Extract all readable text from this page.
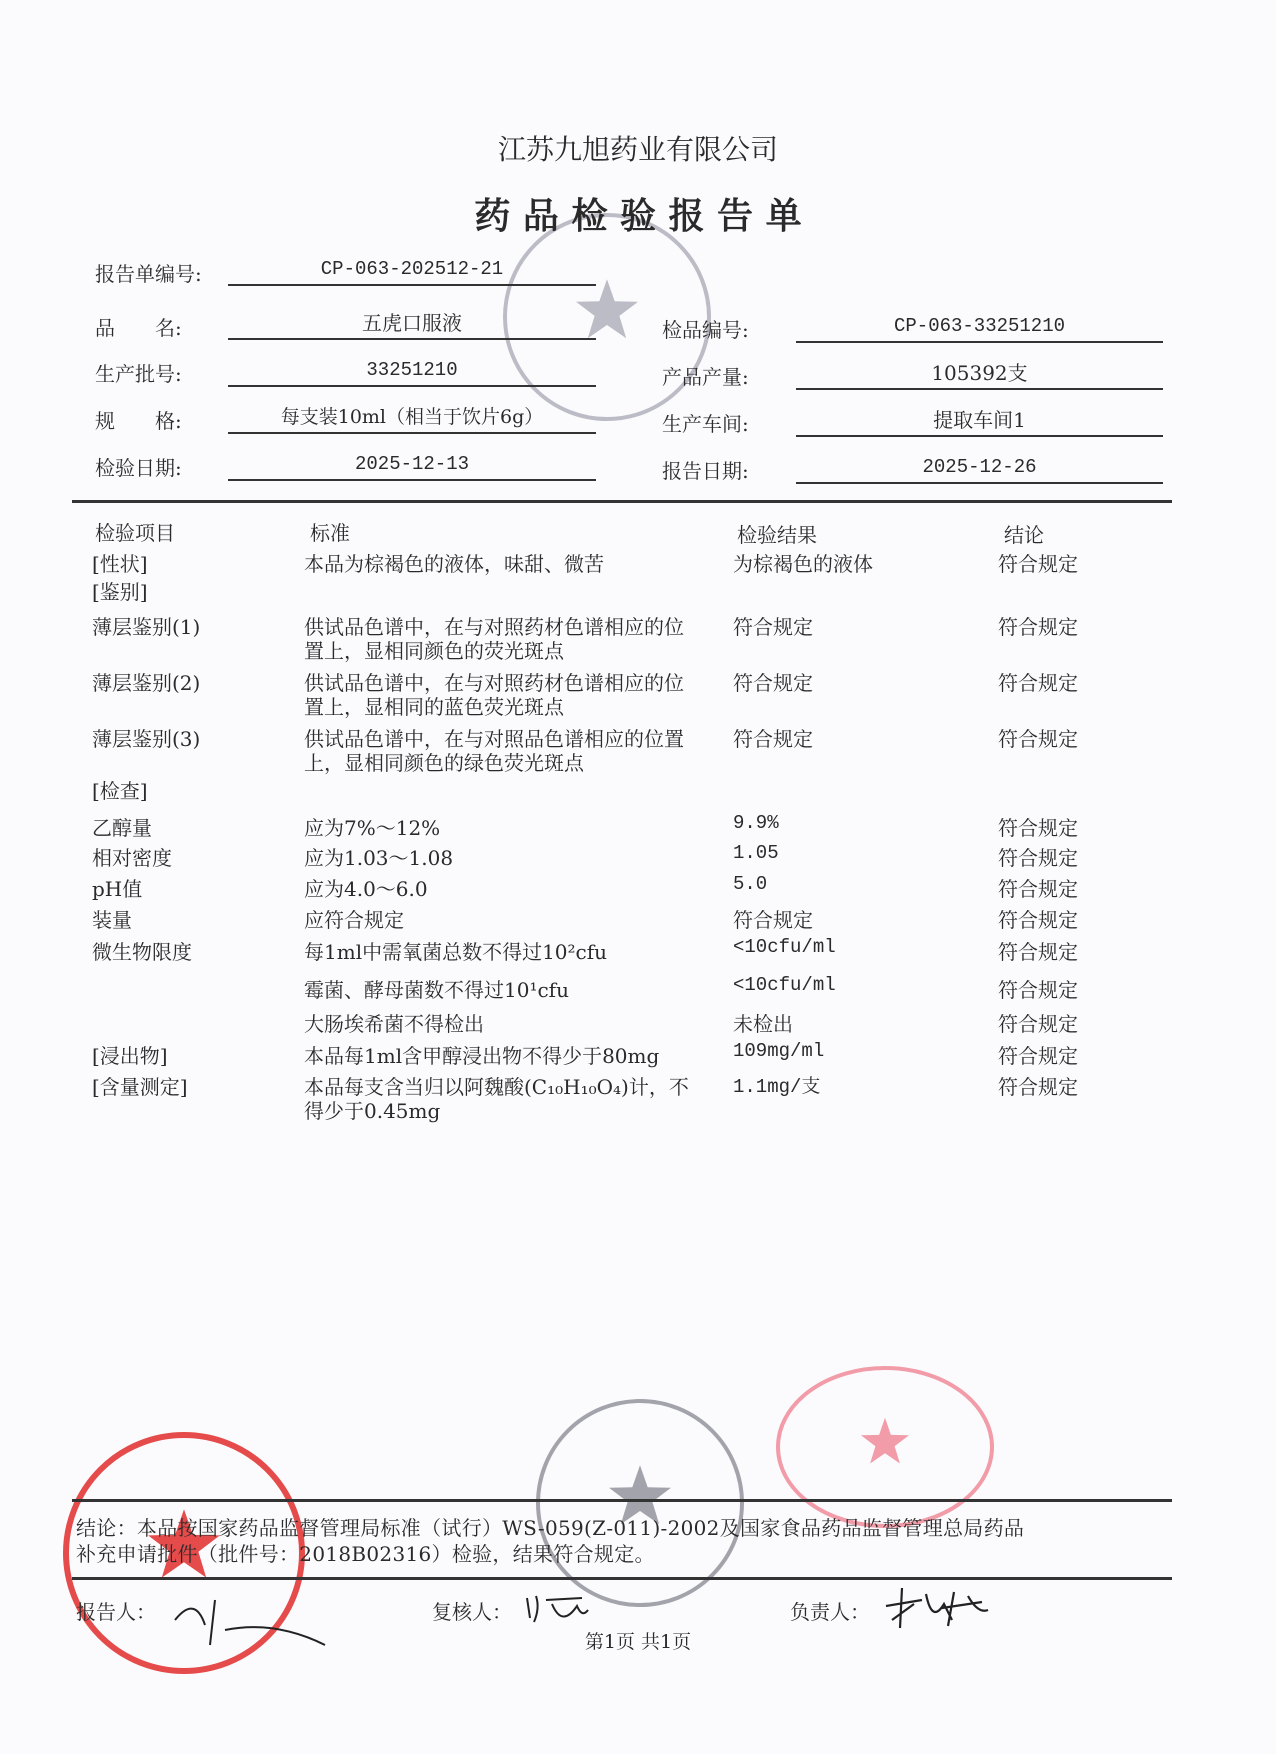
江苏九旭药业有限公司
药 品 检 验 报 告 单
报告单编号:	CP-063-202512-21
品　　名:	五虎口服液	检品编号:	CP-063-33251210
生产批号:	33251210	产品产量:	105392支
规　　格:	每支装10ml（相当于饮片6g）	生产车间:	提取车间1
检验日期:	2025-12-13	报告日期:	2025-12-26
检验项目	标准	检验结果	结论
[性状]	本品为棕褐色的液体，味甜、微苦	为棕褐色的液体	符合规定
[鉴别]
薄层鉴别(1)	供试品色谱中，在与对照药材色谱相应的位
置上，显相同颜色的荧光斑点
符合规定	符合规定
薄层鉴别(2)	供试品色谱中，在与对照药材色谱相应的位
置上，显相同的蓝色荧光斑点
符合规定	符合规定
薄层鉴别(3)	供试品色谱中，在与对照品色谱相应的位置
上，显相同颜色的绿色荧光斑点
符合规定	符合规定
[检查]
乙醇量	应为7%～12%	9.9%	符合规定
相对密度	应为1.03～1.08	1.05	符合规定
pH值	应为4.0～6.0	5.0	符合规定
装量	应符合规定	符合规定	符合规定
微生物限度	每1ml中需氧菌总数不得过10²cfu	<10cfu/ml	符合规定
霉菌、酵母菌数不得过10¹cfu	<10cfu/ml	符合规定
大肠埃希菌不得检出	未检出	符合规定
[浸出物]	本品每1ml含甲醇浸出物不得少于80mg	109mg/ml	符合规定
[含量测定]	本品每支含当归以阿魏酸(C₁₀H₁₀O₄)计，不
得少于0.45mg
1.1mg/支	符合规定
结论：本品按国家药品监督管理局标准（试行）WS-059(Z-011)-2002及国家食品药品监督管理总局药品
补充申请批件（批件号：2018B02316）检验，结果符合规定。
报告人：	复核人：	负责人：
第1页 共1页
